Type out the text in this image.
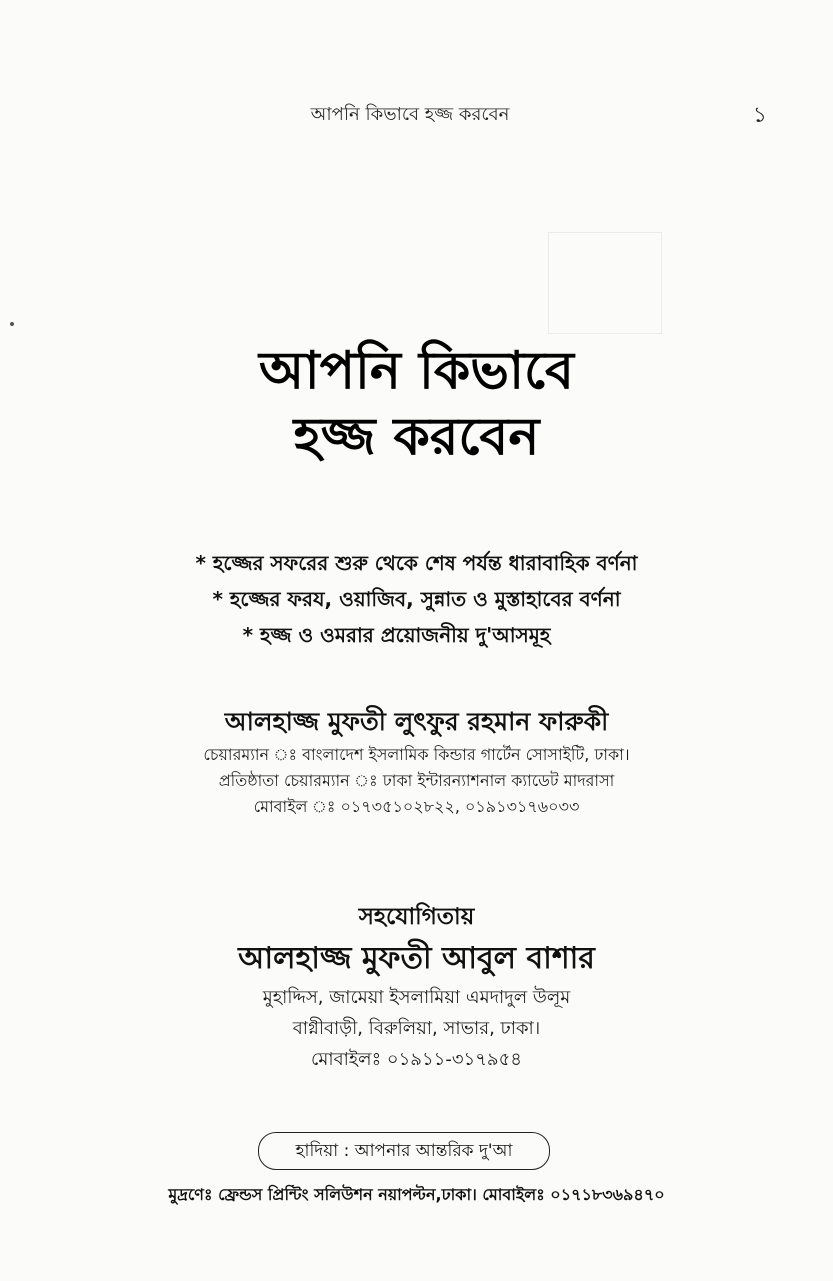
আপনি কিভাবে হজ্জ করবেন	১
আপনি কিভাবে
হজ্জ করবেন
* হজ্জের সফরের শুরু থেকে শেষ পর্যন্ত ধারাবাহিক বর্ণনা
* হজ্জের ফরয, ওয়াজিব, সুন্নাত ও মুস্তাহাবের বর্ণনা
* হজ্জ ও ওমরার প্রয়োজনীয় দু'আসমূহ
আলহাজ্জ মুফতী লুৎফুর রহমান ফারুকী
চেয়ারম্যান ঃ বাংলাদেশ ইসলামিক কিন্ডার গার্টেন সোসাইটি, ঢাকা।
প্রতিষ্ঠাতা চেয়ারম্যান ঃ ঢাকা ইন্টারন্যাশনাল ক্যাডেট মাদরাসা
মোবাইল ঃ ০১৭৩৫১০২৮২২, ০১৯১৩১৭৬০৩৩
সহযোগিতায়
আলহাজ্জ মুফতী আবুল বাশার
মুহাদ্দিস, জামেয়া ইসলামিয়া এমদাদুল উলূম
বাগ্নীবাড়ী, বিরুলিয়া, সাভার, ঢাকা।
মোবাইলঃ ০১৯১১-৩১৭৯৫৪
হাদিয়া : আপনার আন্তরিক দু'আ
মুদ্রণেঃ ফ্রেন্ডস প্রিন্টিং সলিউশন নয়াপল্টন,ঢাকা। মোবাইলঃ ০১৭১৮৩৬৯৪৭০
